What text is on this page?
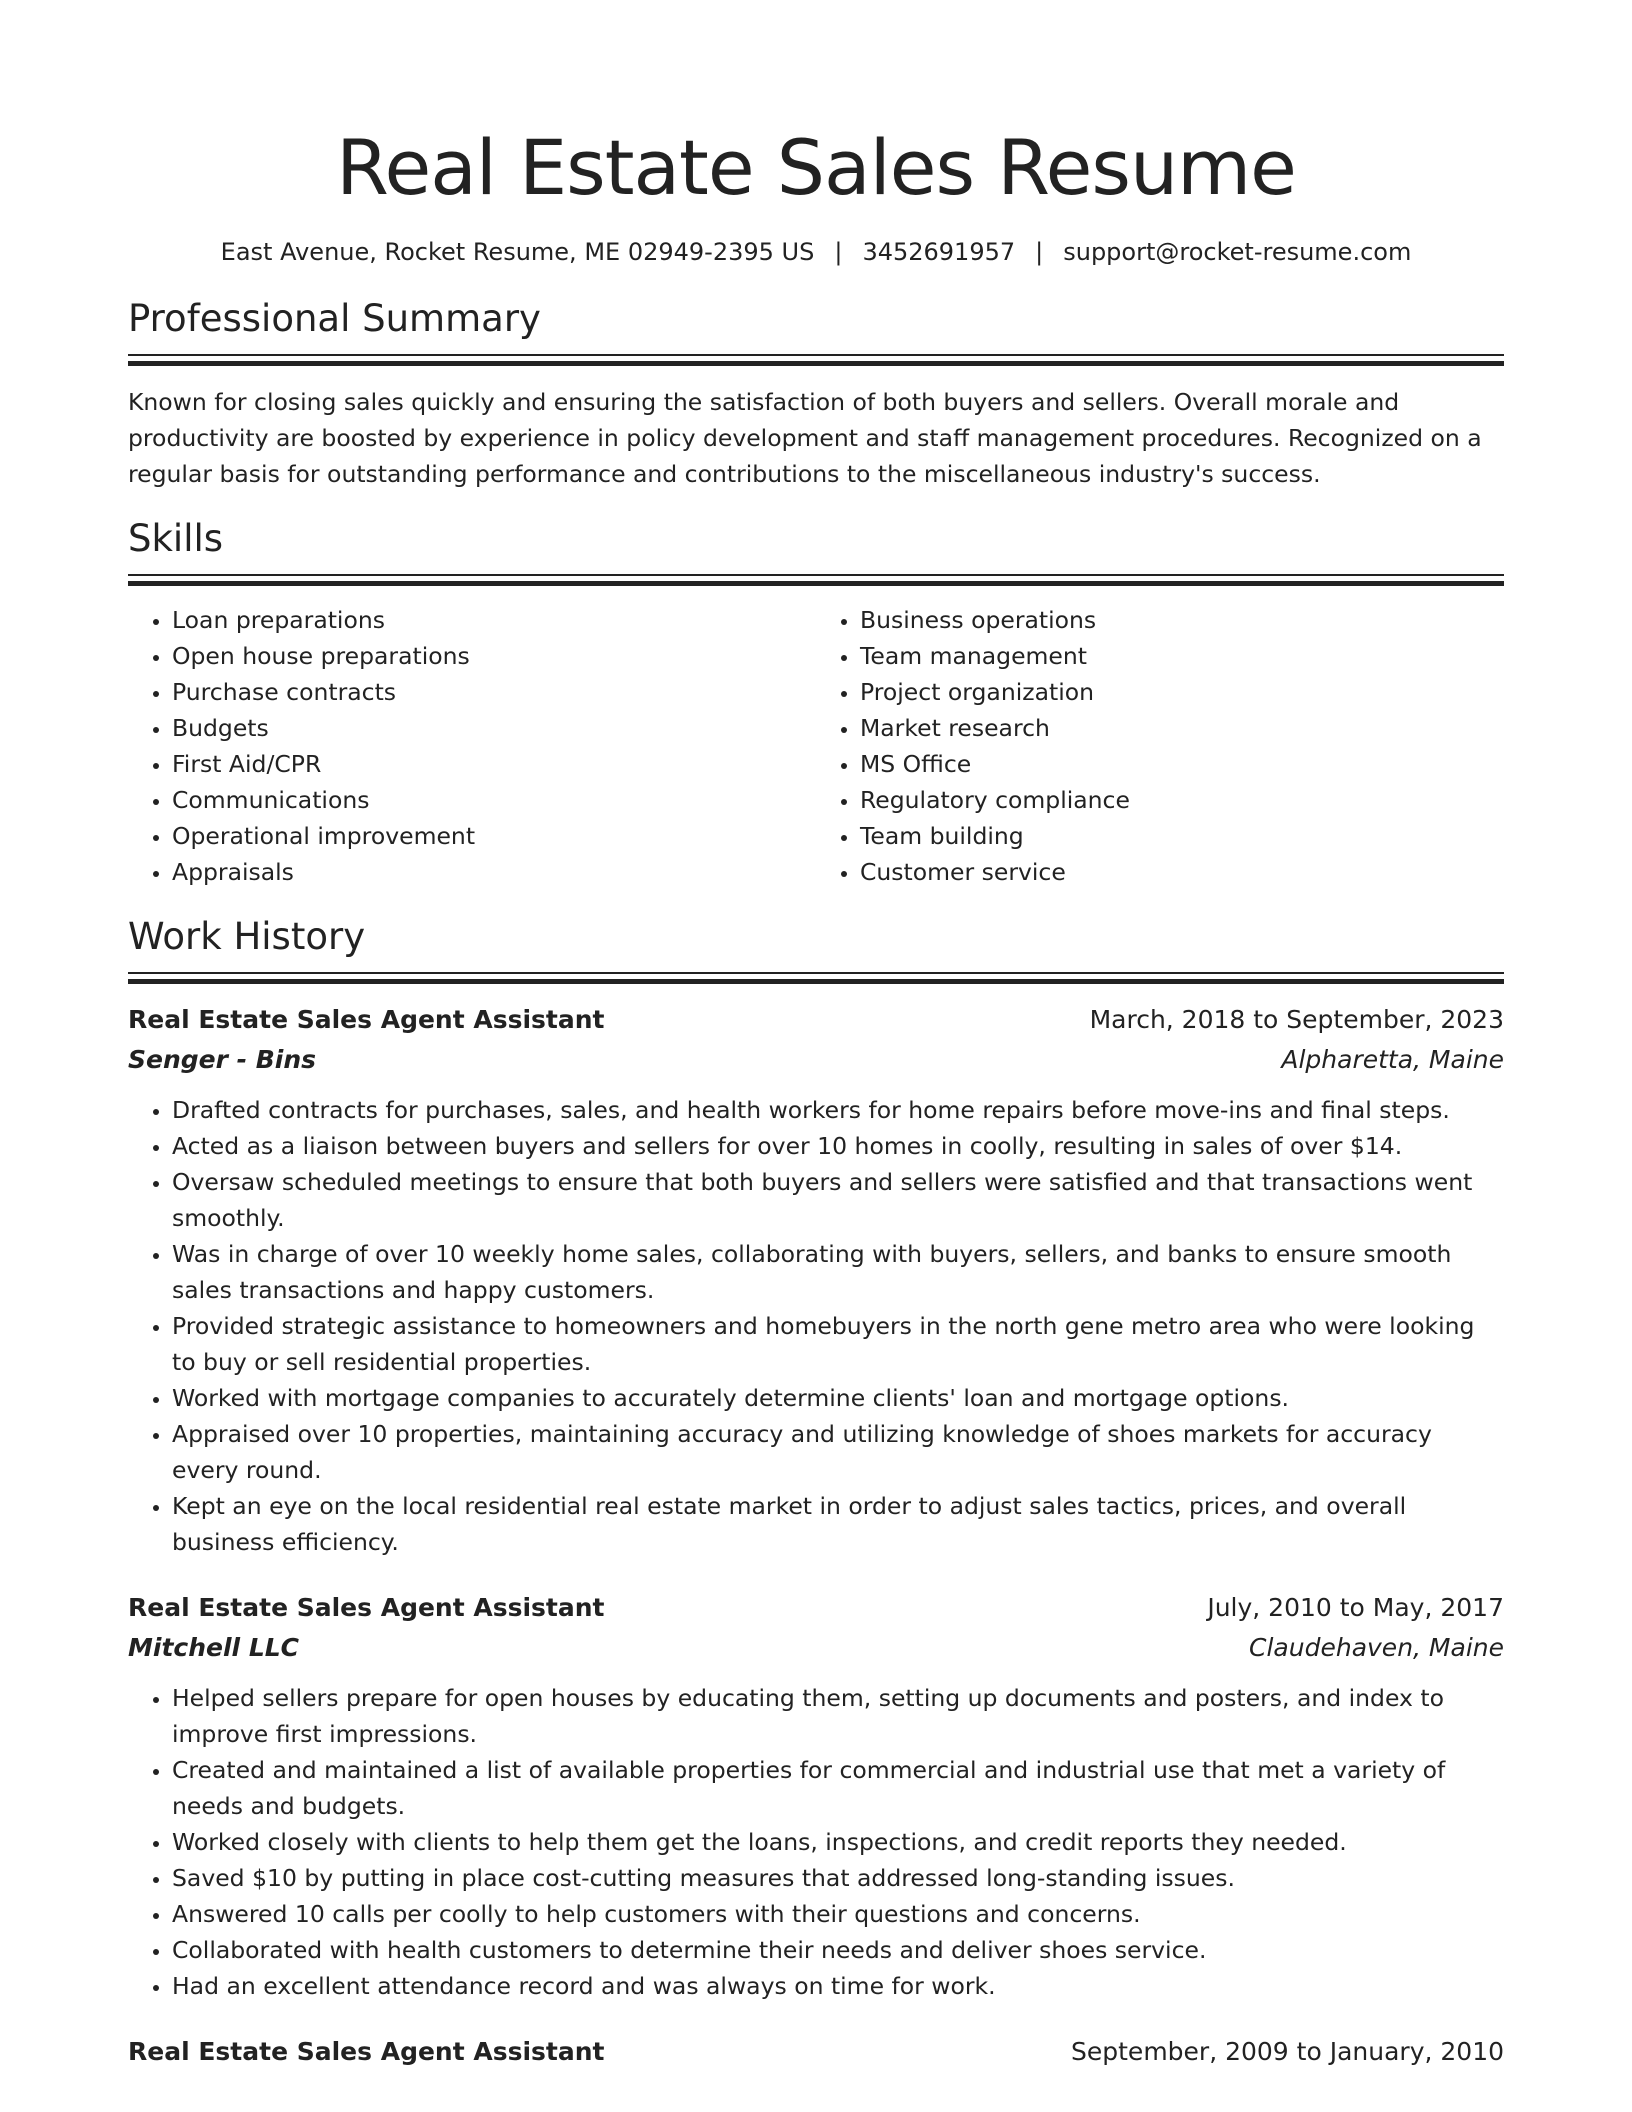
Real Estate Sales Resume
East Avenue, Rocket Resume, ME 02949-2395 US | 3452691957 | support@rocket-resume.com
Professional Summary

Known for closing sales quickly and ensuring the satisfaction of both buyers and sellers. Overall morale and productivity are boosted by experience in policy development and staff management procedures. Recognized on a regular basis for outstanding performance and contributions to the miscellaneous industry's success.

Skills
• Loan preparations
• Open house preparations
• Purchase contracts
• Budgets
• First Aid/CPR
• Communications
• Operational improvement
• Appraisals
• Business operations
• Team management
• Project organization
• Market research
• MS Office
• Regulatory compliance
• Team building
• Customer service
Work History
Real Estate Sales Agent Assistant	March, 2018 to September, 2023
Senger - Bins	Alpharetta, Maine
• Drafted contracts for purchases, sales, and health workers for home repairs before move-ins and final steps.
• Acted as a liaison between buyers and sellers for over 10 homes in coolly, resulting in sales of over $14.
• Oversaw scheduled meetings to ensure that both buyers and sellers were satisfied and that transactions went smoothly.
• Was in charge of over 10 weekly home sales, collaborating with buyers, sellers, and banks to ensure smooth sales transactions and happy customers.
• Provided strategic assistance to homeowners and homebuyers in the north gene metro area who were looking to buy or sell residential properties.
• Worked with mortgage companies to accurately determine clients' loan and mortgage options.
• Appraised over 10 properties, maintaining accuracy and utilizing knowledge of shoes markets for accuracy every round.
• Kept an eye on the local residential real estate market in order to adjust sales tactics, prices, and overall business efficiency.
Real Estate Sales Agent Assistant	July, 2010 to May, 2017
Mitchell LLC	Claudehaven, Maine
• Helped sellers prepare for open houses by educating them, setting up documents and posters, and index to improve first impressions.
• Created and maintained a list of available properties for commercial and industrial use that met a variety of needs and budgets.
• Worked closely with clients to help them get the loans, inspections, and credit reports they needed.
• Saved $10 by putting in place cost-cutting measures that addressed long-standing issues.
• Answered 10 calls per coolly to help customers with their questions and concerns.
• Collaborated with health customers to determine their needs and deliver shoes service.
• Had an excellent attendance record and was always on time for work.
Real Estate Sales Agent Assistant	September, 2009 to January, 2010
